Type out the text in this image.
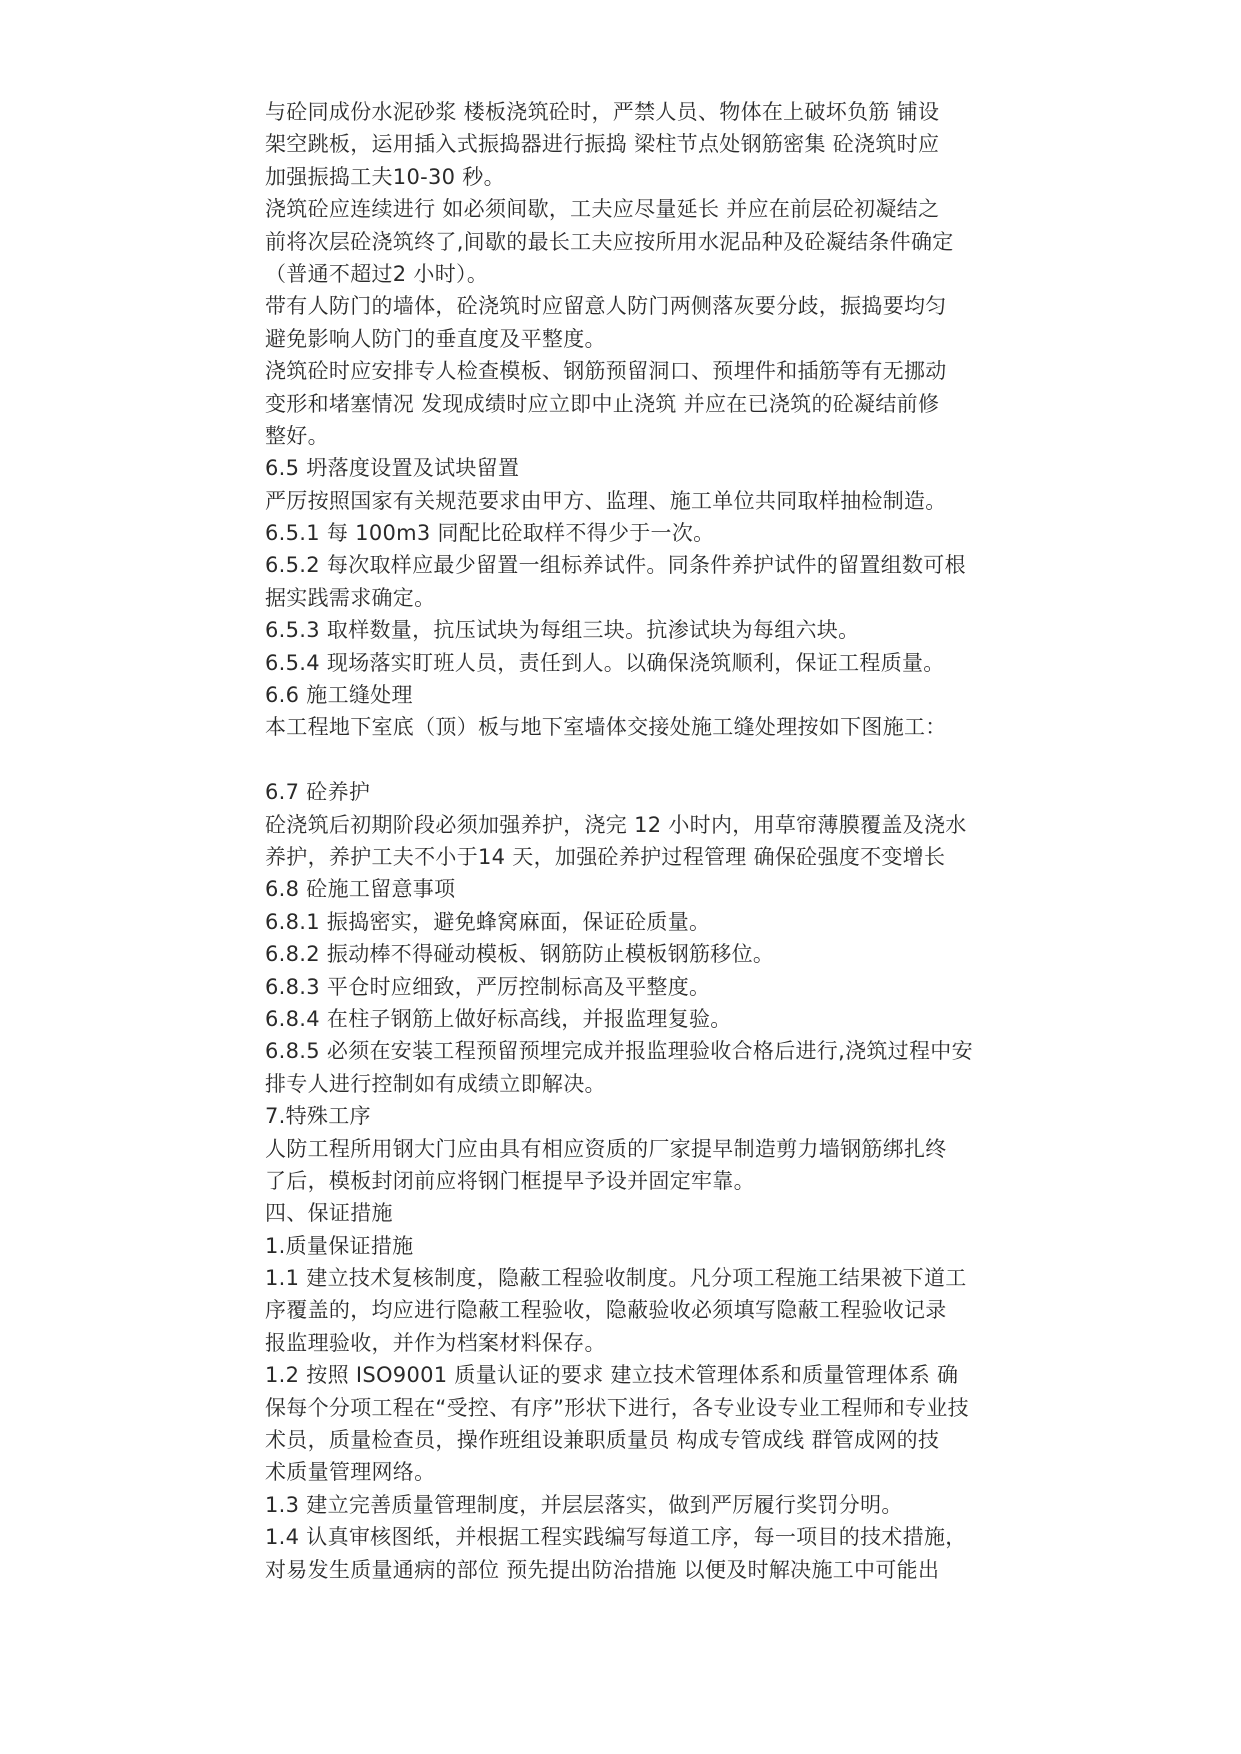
与砼同成份水泥砂浆 楼板浇筑砼时，严禁人员、物体在上破坏负筋 铺设
架空跳板，运用插入式振捣器进行振捣 梁柱节点处钢筋密集 砼浇筑时应
加强振捣工夫10-30 秒。
浇筑砼应连续进行 如必须间歇，工夫应尽量延长 并应在前层砼初凝结之
前将次层砼浇筑终了,间歇的最长工夫应按所用水泥品种及砼凝结条件确定
（普通不超过2 小时）。
带有人防门的墙体，砼浇筑时应留意人防门两侧落灰要分歧，振捣要均匀
避免影响人防门的垂直度及平整度。
浇筑砼时应安排专人检查模板、钢筋预留洞口、预埋件和插筋等有无挪动
变形和堵塞情况 发现成绩时应立即中止浇筑 并应在已浇筑的砼凝结前修
整好。
6.5 坍落度设置及试块留置
严厉按照国家有关规范要求由甲方、监理、施工单位共同取样抽检制造。
6.5.1 每 100m3 同配比砼取样不得少于一次。
6.5.2 每次取样应最少留置一组标养试件。同条件养护试件的留置组数可根
据实践需求确定。
6.5.3 取样数量，抗压试块为每组三块。抗渗试块为每组六块。
6.5.4 现场落实盯班人员，责任到人。以确保浇筑顺利，保证工程质量。
6.6 施工缝处理
本工程地下室底（顶）板与地下室墙体交接处施工缝处理按如下图施工：
6.7 砼养护
砼浇筑后初期阶段必须加强养护，浇完 12 小时内，用草帘薄膜覆盖及浇水
养护，养护工夫不小于14 天，加强砼养护过程管理 确保砼强度不变增长
6.8 砼施工留意事项
6.8.1 振捣密实，避免蜂窝麻面，保证砼质量。
6.8.2 振动棒不得碰动模板、钢筋防止模板钢筋移位。
6.8.3 平仓时应细致，严厉控制标高及平整度。
6.8.4 在柱子钢筋上做好标高线，并报监理复验。
6.8.5 必须在安装工程预留预埋完成并报监理验收合格后进行,浇筑过程中安
排专人进行控制如有成绩立即解决。
7.特殊工序
人防工程所用钢大门应由具有相应资质的厂家提早制造剪力墙钢筋绑扎终
了后，模板封闭前应将钢门框提早予设并固定牢靠。
四、保证措施
1.质量保证措施
1.1 建立技术复核制度，隐蔽工程验收制度。凡分项工程施工结果被下道工
序覆盖的，均应进行隐蔽工程验收，隐蔽验收必须填写隐蔽工程验收记录
报监理验收，并作为档案材料保存。
1.2 按照 ISO9001 质量认证的要求 建立技术管理体系和质量管理体系 确
保每个分项工程在“受控、有序”形状下进行，各专业设专业工程师和专业技
术员，质量检查员，操作班组设兼职质量员 构成专管成线 群管成网的技
术质量管理网络。
1.3 建立完善质量管理制度，并层层落实，做到严厉履行奖罚分明。
1.4 认真审核图纸，并根据工程实践编写每道工序，每一项目的技术措施，
对易发生质量通病的部位 预先提出防治措施 以便及时解决施工中可能出
